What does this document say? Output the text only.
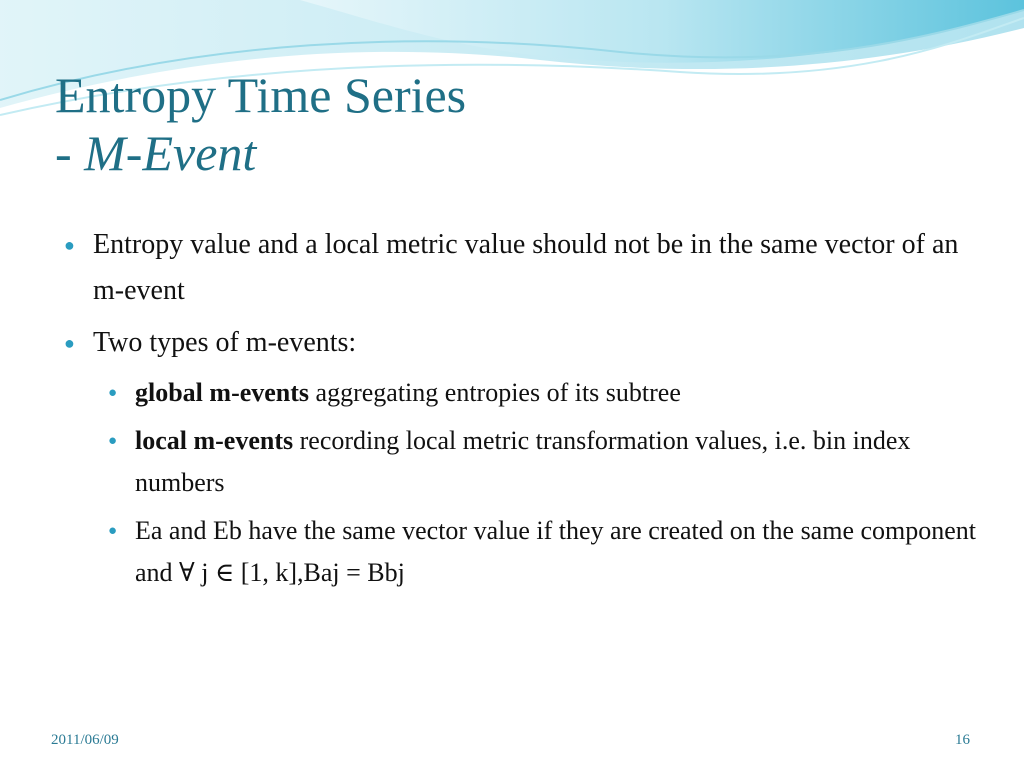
Entropy Time Series
- M-Event
● Entropy value and a local metric value should not be in the same vector of an m-event
● Two types of m-events:
● global m-events aggregating entropies of its subtree
● local m-events recording local metric transformation values, i.e. bin index numbers
● Ea and Eb have the same vector value if they are created on the same component and ∀ j ∈ [1, k],Baj = Bbj
2011/06/09	16
